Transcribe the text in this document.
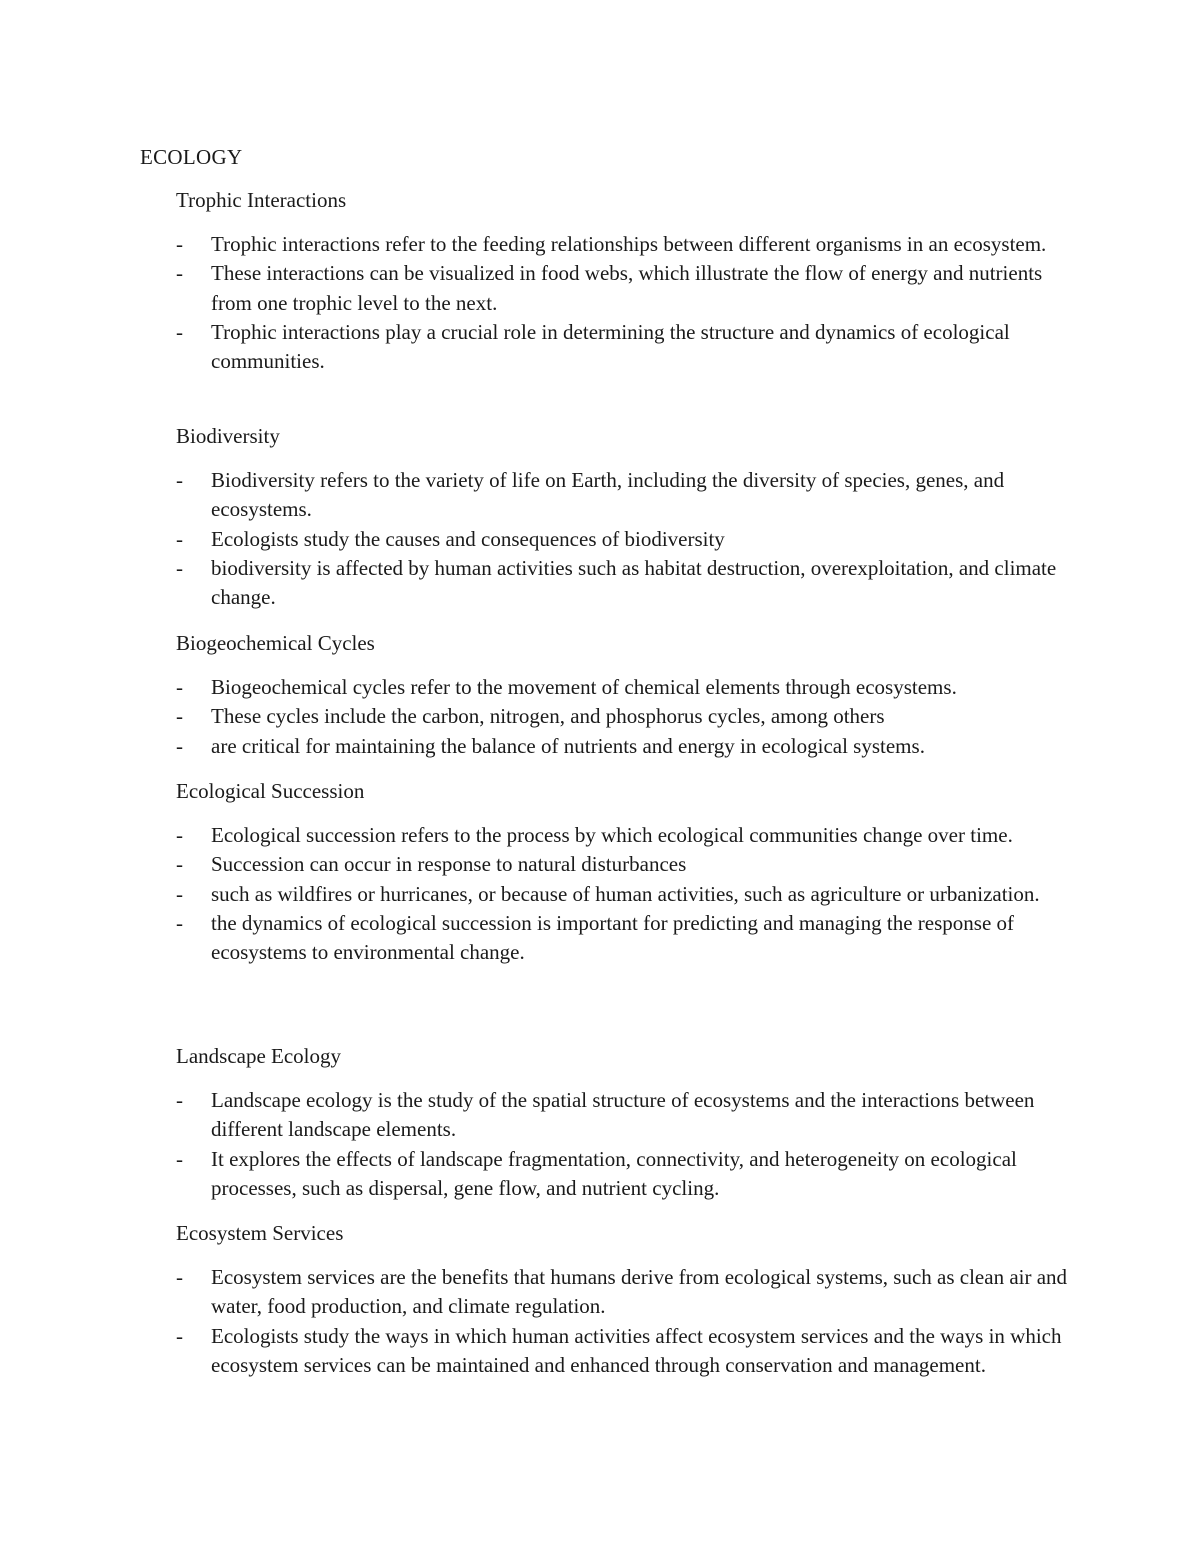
ECOLOGY
Trophic Interactions
- Trophic interactions refer to the feeding relationships between different organisms in an ecosystem.
- These interactions can be visualized in food webs, which illustrate the flow of energy and nutrients from one trophic level to the next.
- Trophic interactions play a crucial role in determining the structure and dynamics of ecological communities.
Biodiversity
- Biodiversity refers to the variety of life on Earth, including the diversity of species, genes, and ecosystems.
- Ecologists study the causes and consequences of biodiversity
- biodiversity is affected by human activities such as habitat destruction, overexploitation, and climate change.
Biogeochemical Cycles
- Biogeochemical cycles refer to the movement of chemical elements through ecosystems.
- These cycles include the carbon, nitrogen, and phosphorus cycles, among others
- are critical for maintaining the balance of nutrients and energy in ecological systems.
Ecological Succession
- Ecological succession refers to the process by which ecological communities change over time.
- Succession can occur in response to natural disturbances
- such as wildfires or hurricanes, or because of human activities, such as agriculture or urbanization.
- the dynamics of ecological succession is important for predicting and managing the response of ecosystems to environmental change.
Landscape Ecology
- Landscape ecology is the study of the spatial structure of ecosystems and the interactions between different landscape elements.
- It explores the effects of landscape fragmentation, connectivity, and heterogeneity on ecological processes, such as dispersal, gene flow, and nutrient cycling.
Ecosystem Services
- Ecosystem services are the benefits that humans derive from ecological systems, such as clean air and water, food production, and climate regulation.
- Ecologists study the ways in which human activities affect ecosystem services and the ways in which ecosystem services can be maintained and enhanced through conservation and management.
